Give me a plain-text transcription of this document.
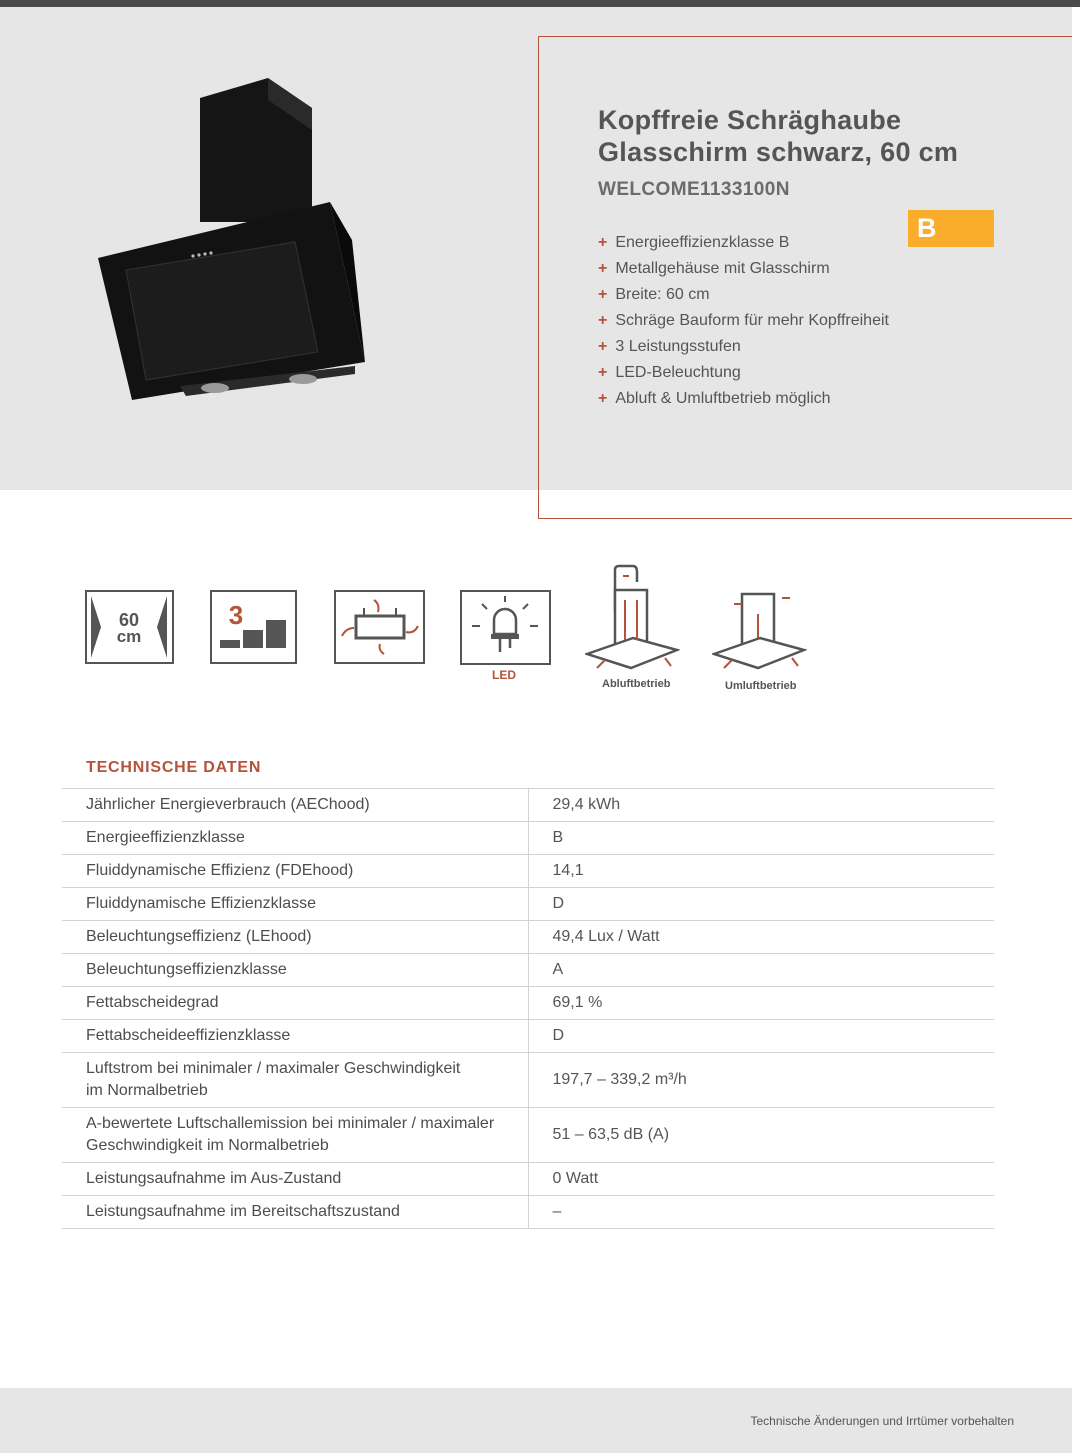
Kopffreie Schräghaube
Glasschirm schwarz, 60 cm
WELCOME1133100N
B
+ Energieeffizienzklasse B
+ Metallgehäuse mit Glasschirm
+ Breite: 60 cm
+ Schräge Bauform für mehr Kopffreiheit
+ 3 Leistungsstufen
+ LED-Beleuchtung
+ Abluft & Umluftbetrieb möglich
60
cm
3
LED
Abluftbetrieb	Umluftbetrieb
TECHNISCHE DATEN
Jährlicher Energieverbrauch (AEChood)	29,4 kWh
Energieeffizienzklasse	B
Fluiddynamische Effizienz (FDEhood)	14,1
Fluiddynamische Effizienzklasse	D
Beleuchtungseffizienz (LEhood)	49,4 Lux / Watt
Beleuchtungseffizienzklasse	A
Fettabscheidegrad	69,1 %
Fettabscheideeffizienzklasse	D

Luftstrom bei minimaler / maximaler Geschwindigkeit
im Normalbetrieb	197,7 – 339,2 m³/h

A-bewertete Luftschallemission bei minimaler / maximaler
Geschwindigkeit im Normalbetrieb	51 – 63,5 dB (A)
Leistungsaufnahme im Aus-Zustand	0 Watt
Leistungsaufnahme im Bereitschaftszustand	–
Technische Änderungen und Irrtümer vorbehalten
